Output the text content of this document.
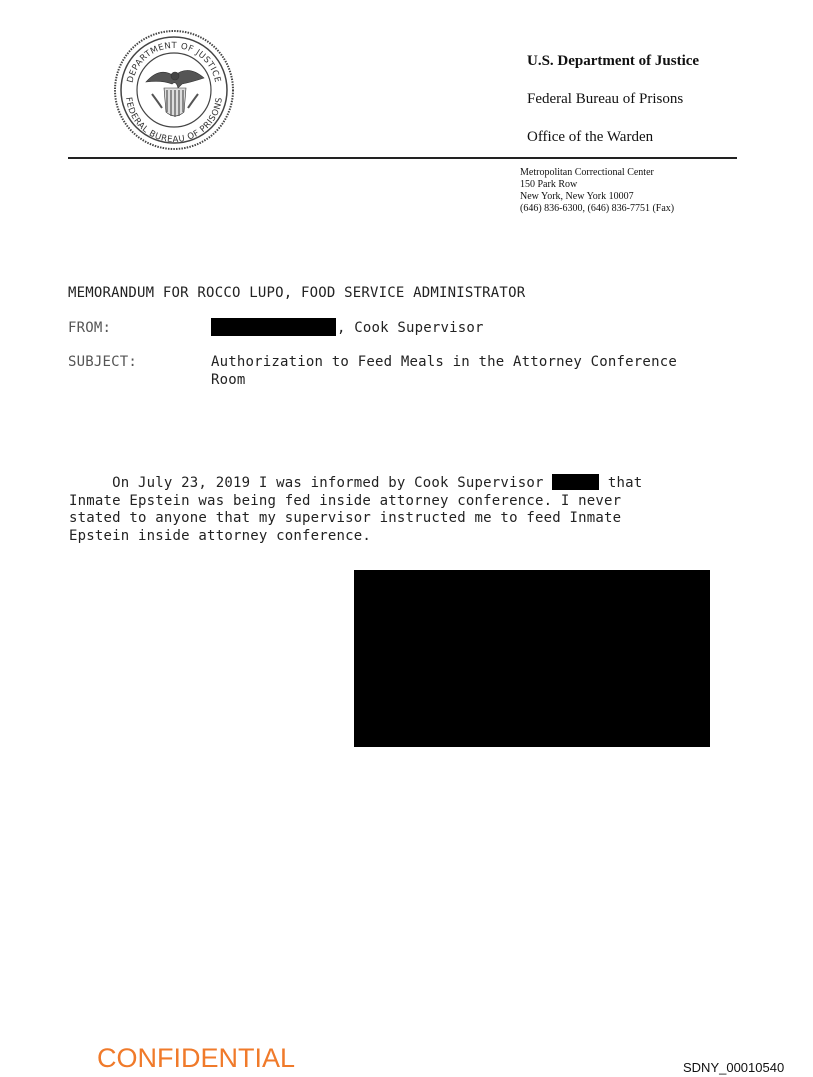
DEPARTMENT OF JUSTICE
FEDERAL BUREAU OF PRISONS
U.S. Department of Justice
Federal Bureau of Prisons
Office of the Warden
Metropolitan Correctional Center
150 Park Row
New York, New York 10007
(646) 836-6300, (646) 836-7751 (Fax)
MEMORANDUM FOR ROCCO LUPO, FOOD SERVICE ADMINISTRATOR
FROM:	, Cook Supervisor
SUBJECT:	Authorization to Feed Meals in the Attorney Conference
Room
On July 23, 2019 I was informed by Cook Supervisor	that
Inmate Epstein was being fed inside attorney conference. I never
stated to anyone that my supervisor instructed me to feed Inmate
Epstein inside attorney conference.
CONFIDENTIAL	SDNY_00010540
